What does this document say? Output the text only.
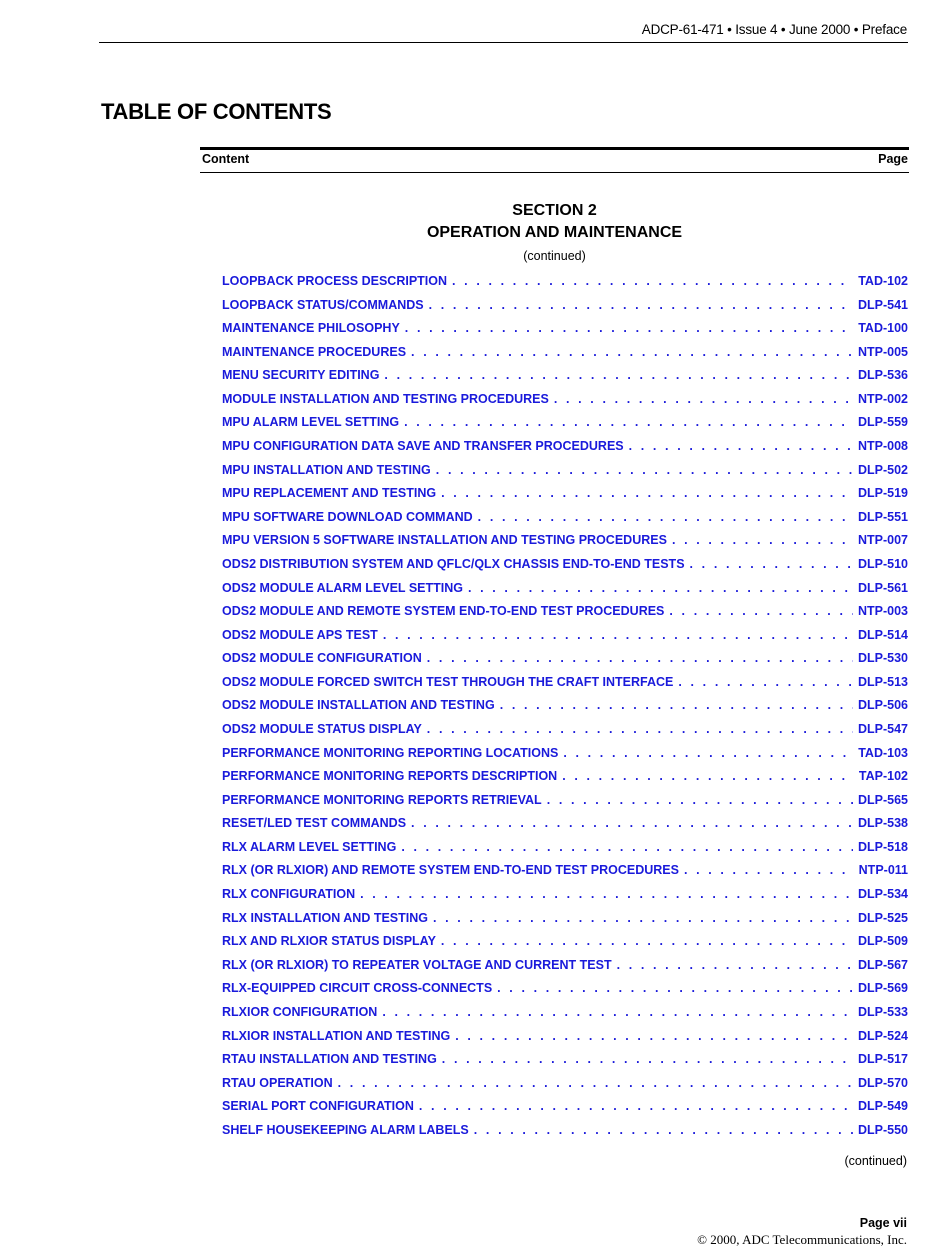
ADCP-61-471 • Issue 4 • June 2000 • Preface
TABLE OF CONTENTS
Content	Page
SECTION 2
OPERATION AND MAINTENANCE
(continued)
LOOPBACK PROCESS DESCRIPTION . . .	TAD-102
LOOPBACK STATUS/COMMANDS . . .	DLP-541
MAINTENANCE PHILOSOPHY . . .	TAD-100
MAINTENANCE PROCEDURES . . .	NTP-005
MENU SECURITY EDITING . . .	DLP-536
MODULE INSTALLATION AND TESTING PROCEDURES . . .	NTP-002
MPU ALARM LEVEL SETTING . . .	DLP-559
MPU CONFIGURATION DATA SAVE AND TRANSFER PROCEDURES . . .	NTP-008
MPU INSTALLATION AND TESTING . . .	DLP-502
MPU REPLACEMENT AND TESTING . . .	DLP-519
MPU SOFTWARE DOWNLOAD COMMAND . . .	DLP-551
MPU VERSION 5 SOFTWARE INSTALLATION AND TESTING PROCEDURES . . .	NTP-007
ODS2 DISTRIBUTION SYSTEM AND QFLC/QLX CHASSIS END-TO-END TESTS . . .	DLP-510
ODS2 MODULE ALARM LEVEL SETTING . . .	DLP-561
ODS2 MODULE AND REMOTE SYSTEM END-TO-END TEST PROCEDURES . . .	NTP-003
ODS2 MODULE APS TEST . . .	DLP-514
ODS2 MODULE CONFIGURATION . . .	DLP-530
ODS2 MODULE FORCED SWITCH TEST THROUGH THE CRAFT INTERFACE . . .	DLP-513
ODS2 MODULE INSTALLATION AND TESTING . . .	DLP-506
ODS2 MODULE STATUS DISPLAY . . .	DLP-547
PERFORMANCE MONITORING REPORTING LOCATIONS . . .	TAD-103
PERFORMANCE MONITORING REPORTS DESCRIPTION . . .	TAP-102
PERFORMANCE MONITORING REPORTS RETRIEVAL . . .	DLP-565
RESET/LED TEST COMMANDS . . .	DLP-538
RLX ALARM LEVEL SETTING . . .	DLP-518
RLX (OR RLXIOR) AND REMOTE SYSTEM END-TO-END TEST PROCEDURES . . .	NTP-011
RLX CONFIGURATION . . .	DLP-534
RLX INSTALLATION AND TESTING . . .	DLP-525
RLX AND RLXIOR STATUS DISPLAY . . .	DLP-509
RLX (OR RLXIOR) TO REPEATER VOLTAGE AND CURRENT TEST . . .	DLP-567
RLX-EQUIPPED CIRCUIT CROSS-CONNECTS . . .	DLP-569
RLXIOR CONFIGURATION . . .	DLP-533
RLXIOR INSTALLATION AND TESTING . . .	DLP-524
RTAU INSTALLATION AND TESTING . . .	DLP-517
RTAU OPERATION . . .	DLP-570
SERIAL PORT CONFIGURATION . . .	DLP-549
SHELF HOUSEKEEPING ALARM LABELS . . .	DLP-550
(continued)
Page vii
© 2000, ADC Telecommunications, Inc.
